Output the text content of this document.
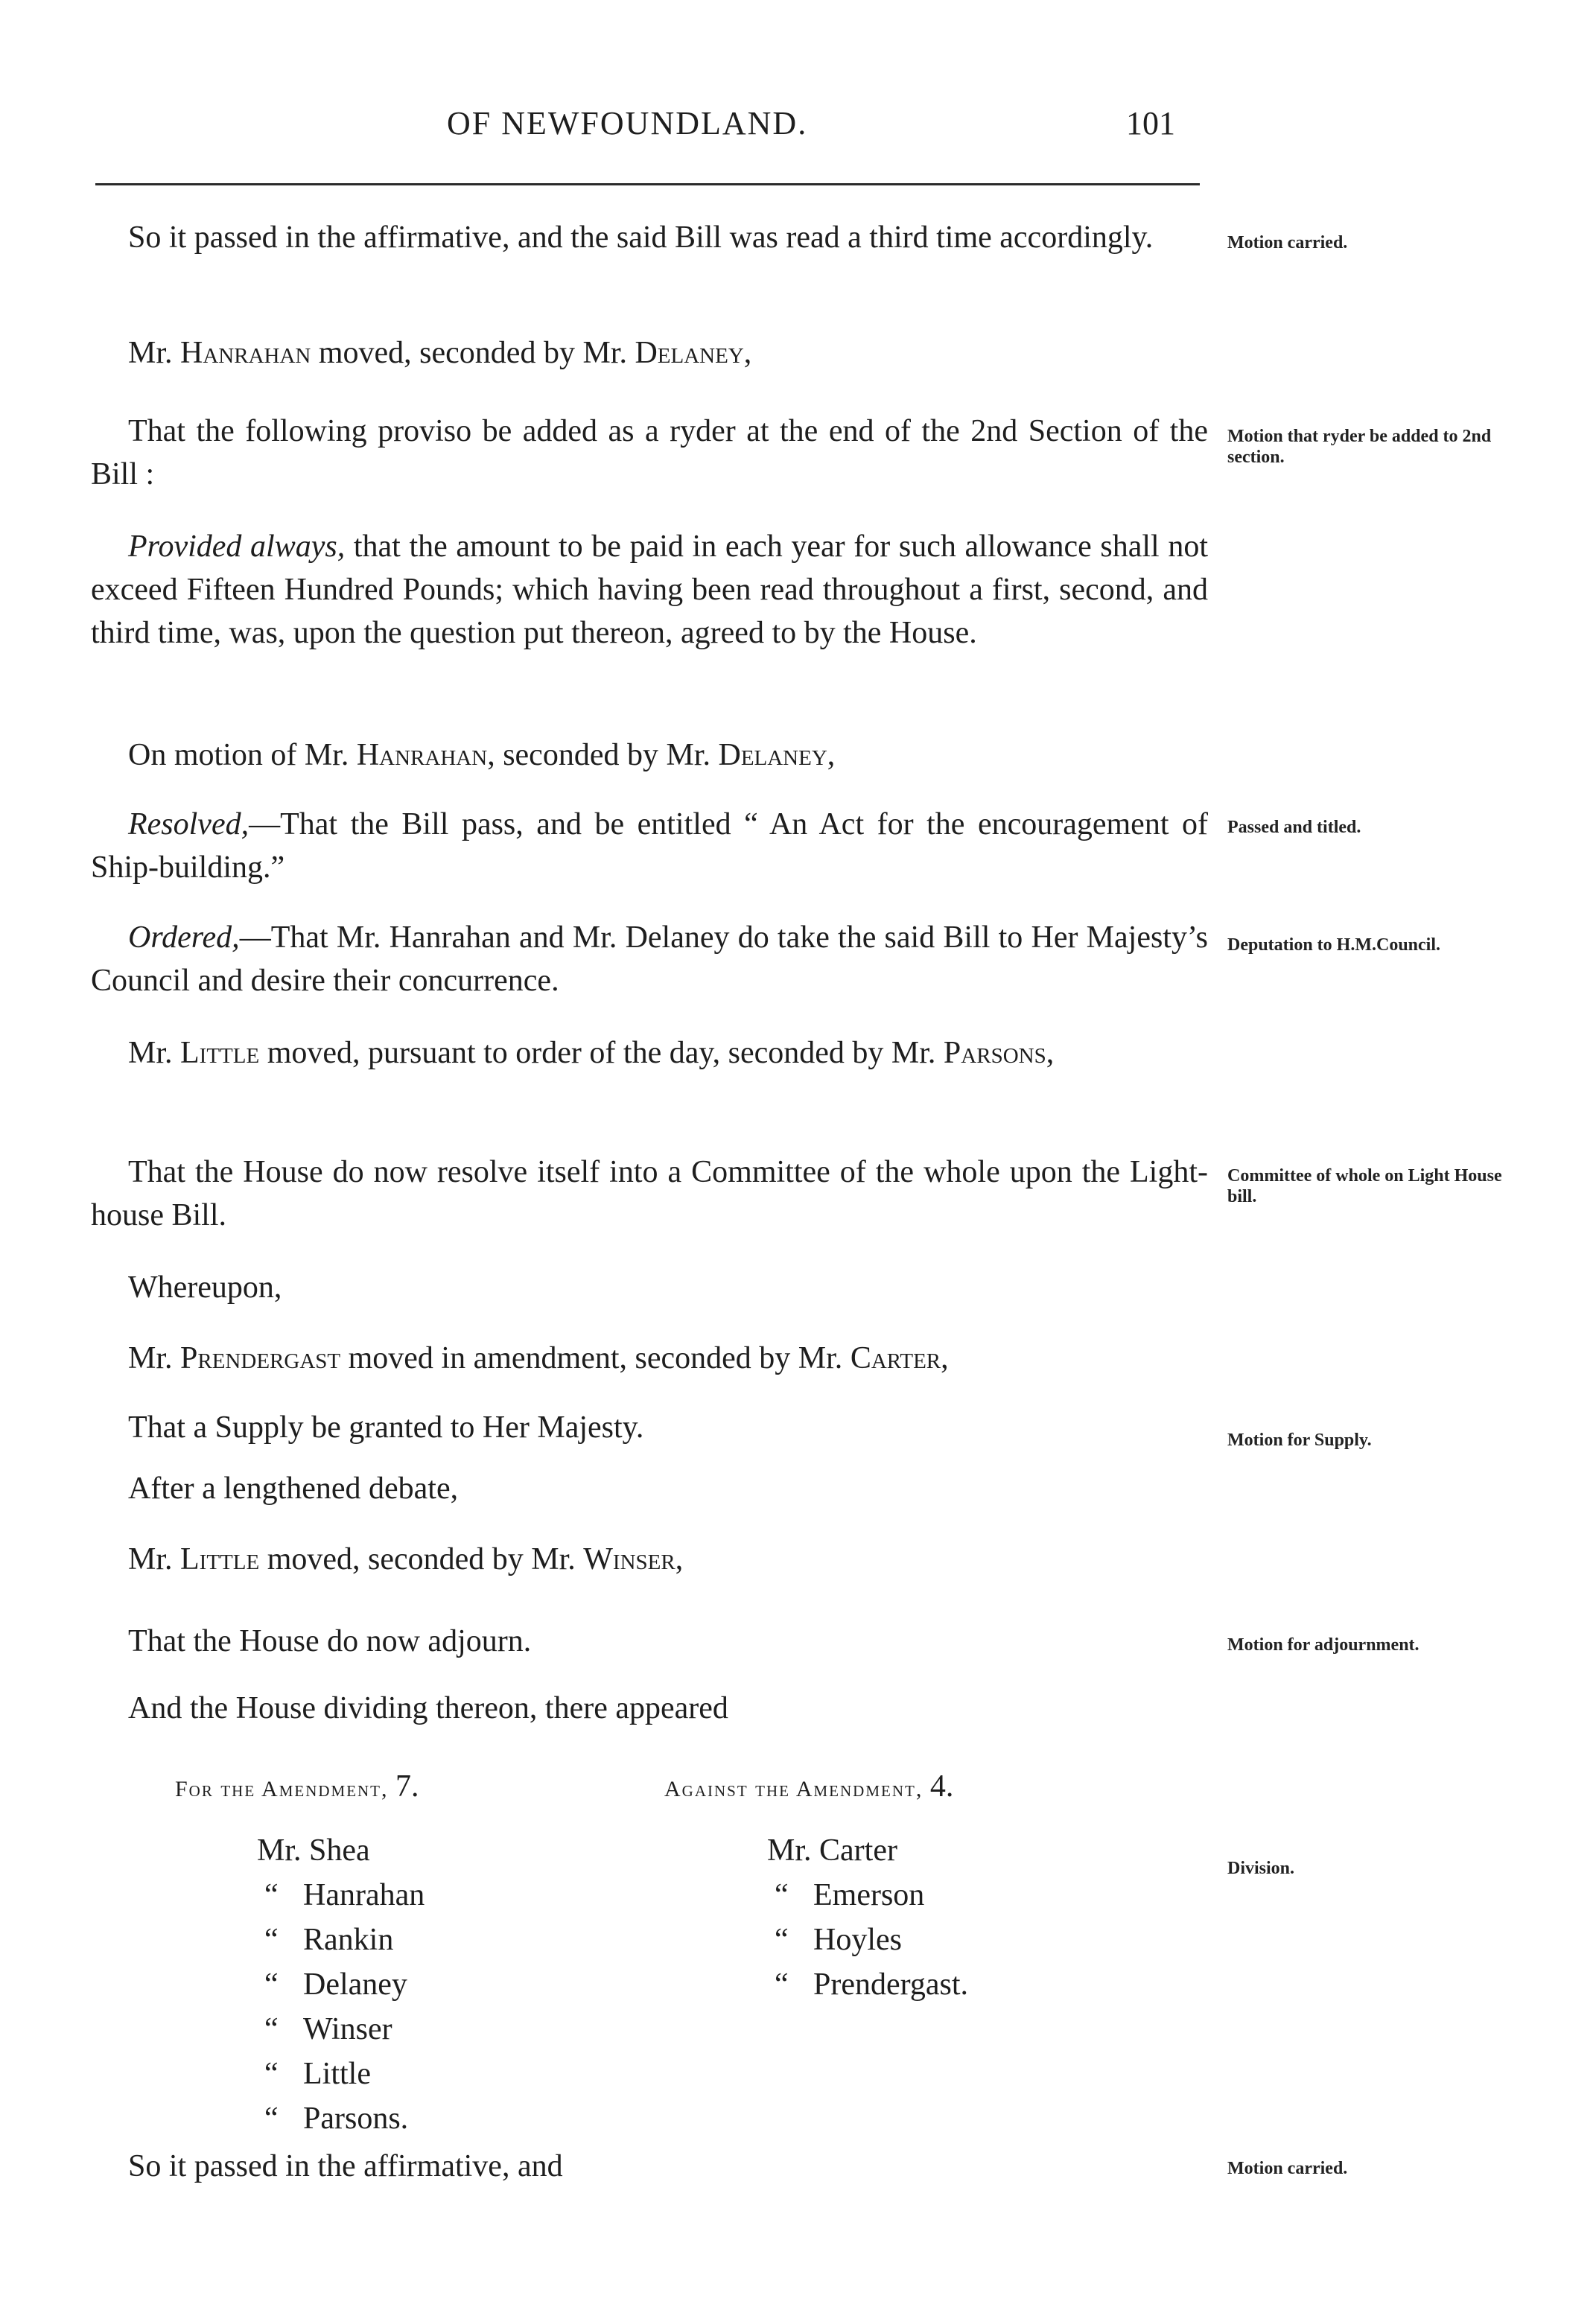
OF NEWFOUNDLAND.	101
So it passed in the affirmative, and the said Bill was read a third time accordingly.
Mr. Hanrahan moved, seconded by Mr. Delaney,
That the following proviso be added as a ryder at the end of the 2nd Section of the Bill :
Provided always, that the amount to be paid in each year for such allowance shall not exceed Fifteen Hundred Pounds; which having been read throughout a first, second, and third time, was, upon the question put thereon, agreed to by the House.
On motion of Mr. Hanrahan, seconded by Mr. Delaney,
Resolved,—That the Bill pass, and be entitled “ An Act for the encouragement of Ship-building.”
Ordered,—That Mr. Hanrahan and Mr. Delaney do take the said Bill to Her Majesty’s Council and desire their concurrence.
Mr. Little moved, pursuant to order of the day, seconded by Mr. Parsons,
That the House do now resolve itself into a Committee of the whole upon the Light-house Bill.
Whereupon,
Mr. Prendergast moved in amendment, seconded by Mr. Carter,
That a Supply be granted to Her Majesty.
After a lengthened debate,
Mr. Little moved, seconded by Mr. Winser,
That the House do now adjourn.
And the House dividing thereon, there appeared
So it passed in the affirmative, and
For the Amendment, 7.	Against the Amendment, 4.
Mr. Shea
“ Hanrahan
“ Rankin
“ Delaney
“ Winser
“ Little
“ Parsons.
Mr. Carter
“ Emerson
“ Hoyles
“ Prendergast.
Motion carried.
Motion that ryder be added to 2nd section.
Passed and titled.
Deputation to H.M.Council.
Committee of whole on Light House bill.
Motion for Supply.
Motion for adjournment.
Division.
Motion carried.
